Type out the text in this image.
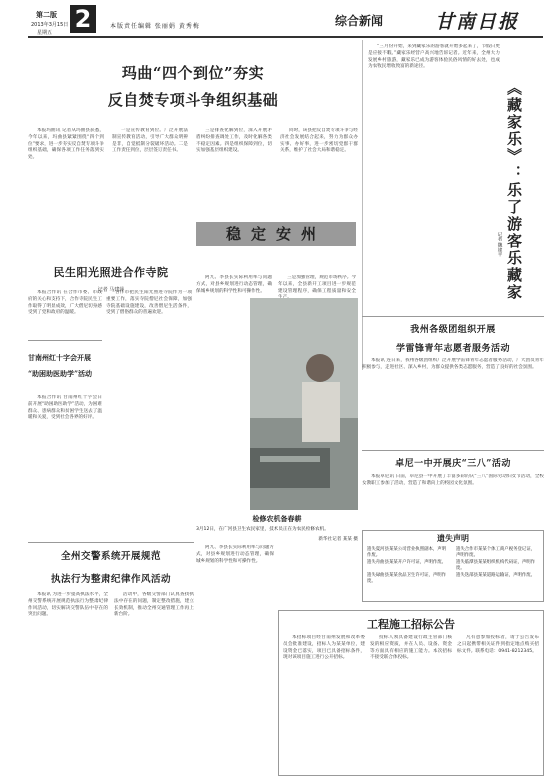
第二版
2013年3月15日
星期五 2	本版责任编辑 张丽娟 黄秀梅	综合新闻	甘南日报
玛曲“四个到位”夯实
反自焚专项斗争组织基础

本报玛曲讯 记者从玛曲县获悉，今年以来，玛曲县紧紧围绕“四个到位”要求，进一步夯实反自焚专项斗争组织基础，确保各项工作任务落到实处。

一是宣传教育到位。广泛开展法制宣传教育活动，引导广大群众明辨是非，自觉抵制分裂破坏活动。二是工作责任到位，层层签订责任书。

三是排查化解到位，深入开展矛盾纠纷排查调处工作，及时化解各类不稳定因素。四是组织保障到位，切实加强基层组织建设。

同时，该县把反自焚专项斗争与经济社会发展结合起来，努力为群众办实事、办好事，进一步密切党群干群关系，维护了社会大局和谐稳定。

稳定安州
民生阳光照进合作寺院
记者 马建萍

本报合作讯 在合作市委、市政府的关心和支持下，合作寺院民生工作取得了明显成效，广大僧尼切身感受到了党和政府的温暖。

合作市把民生阳光照进寺院作为一项重要工作，落实寺院僧尼社会保障，加强寺院基础设施建设，改善僧尼生活条件，受到了僧俗群众的普遍欢迎。

甘南州红十字会开展
“助困助医助学”活动

本报合作讯 甘南州红十字会日前开展“助困助医助学”活动，为困难群众、患病群众和贫困学生送去了温暖和关爱，受到社会各界的好评。

阿九、李县长实际利用率与问题方式，对县乡规划进行动态管理，确保城乡规划的科学性和可操作性。

三是加强管理，规范市场秩序。今年以来，全县新开工项目进一步规范建设管理程序，确保工程质量和安全

检修农机备春耕
3月12日，在广河县卫生农民家里，技术员正在为农民检修农机。
新华社记者 某某 摄
全州交警系统开展规范
执法行为整肃纪律作风活动

本报讯 为进一步提高执法水平，全州交警系统开展规范执法行为整肃纪律作风活动，切实解决交警队伍中存在的突出问题。

活动中，各级交警部门认真查找执法中存在的问题，制定整改措施，建立长效机制，推动全州交通管理工作再上新台阶。

阿九、李县长实际利用率与问题方式，对县乡规划进行动态管理，确保城乡规划的科学性和可操作性。

“三月份开始，来到藏家乐的游客就开始多起来了，节假日更是应接不暇。”藏家乐经营户高兴地告诉记者。近年来，全州大力发展乡村旅游，藏家乐已成为游客体验民俗风情的好去处，也成为农牧民增收致富的新途径。

《藏家乐》：乐了游客乐藏家
记者 魏建平
我州各级团组织开展
学雷锋青年志愿者服务活动

本报讯 连日来，我州各级团组织广泛开展学雷锋青年志愿者服务活动，广大团员青年积极参与，走进社区、深入乡村，为群众提供各类志愿服务，营造了良好的社会氛围。

卓尼一中开展庆“三八”活动

本报卓尼讯 日前，卓尼县一中开展了丰富多彩的庆“三八”国际劳动妇女节活动，全校女教职工参加了活动，营造了和谐向上的校园文化氛围。

遗失声明
遗失夏河县某某公司营业执照副本，声明作废。
遗失合作市某某个体工商户税务登记证，声明作废。
遗失舟曲县某某开户许可证，声明作废。	遗失临潭县某某组织机构代码证，声明作废。
遗失碌曲县某某食品卫生许可证，声明作废。
遗失迭部县某某道路运输证，声明作废。
工程施工招标公告

本招标项目经甘南州发展和改革委员会批准建设，招标人为某某单位，建设资金已落实，项目已具备招标条件，现对该项目施工进行公开招标。

投标人须具备建设行政主管部门核发的相应资质，并在人员、设备、资金等方面具有相应的施工能力。本次招标不接受联合体投标。

凡有意参加投标者，请于公告发布之日起携带相关证件到指定地点购买招标文件。联系电话：0941-8212345。
